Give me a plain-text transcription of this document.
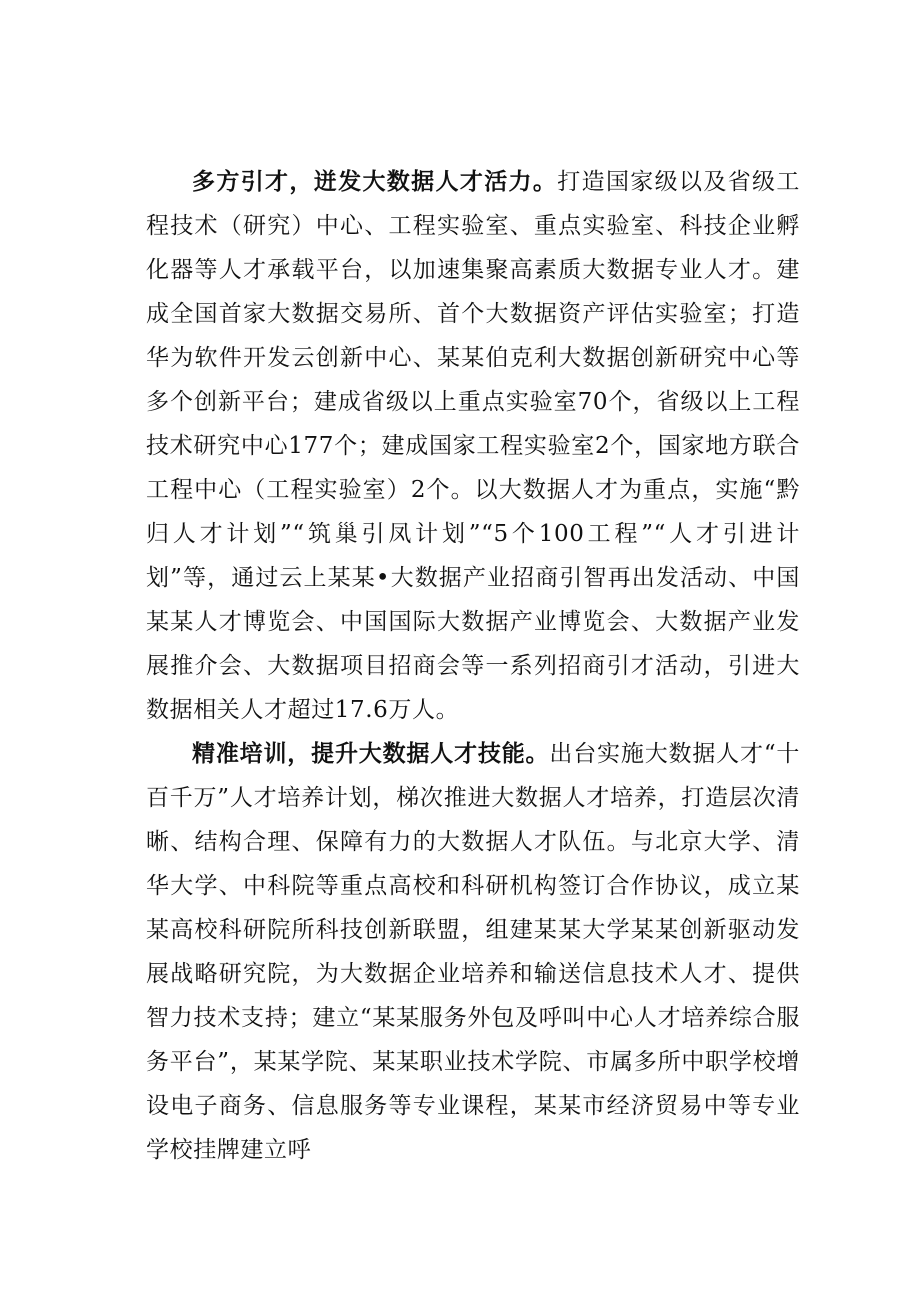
多方引才，迸发大数据人才活力。打造国家级以及省级工程技术（研究）中心、工程实验室、重点实验室、科技企业孵化器等人才承载平台，以加速集聚高素质大数据专业人才。建成全国首家大数据交易所、首个大数据资产评估实验室；打造华为软件开发云创新中心、某某伯克利大数据创新研究中心等多个创新平台；建成省级以上重点实验室70个，省级以上工程技术研究中心177个；建成国家工程实验室2个，国家地方联合工程中心（工程实验室）2个。以大数据人才为重点，实施“黔归人才计划”“筑巢引凤计划”“5个100工程”“人才引进计划”等，通过云上某某•大数据产业招商引智再出发活动、中国某某人才博览会、中国国际大数据产业博览会、大数据产业发展推介会、大数据项目招商会等一系列招商引才活动，引进大数据相关人才超过17.6万人。

精准培训，提升大数据人才技能。出台实施大数据人才“十百千万”人才培养计划，梯次推进大数据人才培养，打造层次清晰、结构合理、保障有力的大数据人才队伍。与北京大学、清华大学、中科院等重点高校和科研机构签订合作协议，成立某某高校科研院所科技创新联盟，组建某某大学某某创新驱动发展战略研究院，为大数据企业培养和输送信息技术人才、提供智力技术支持；建立“某某服务外包及呼叫中心人才培养综合服务平台”，某某学院、某某职业技术学院、市属多所中职学校增设电子商务、信息服务等专业课程，某某市经济贸易中等专业学校挂牌建立呼
